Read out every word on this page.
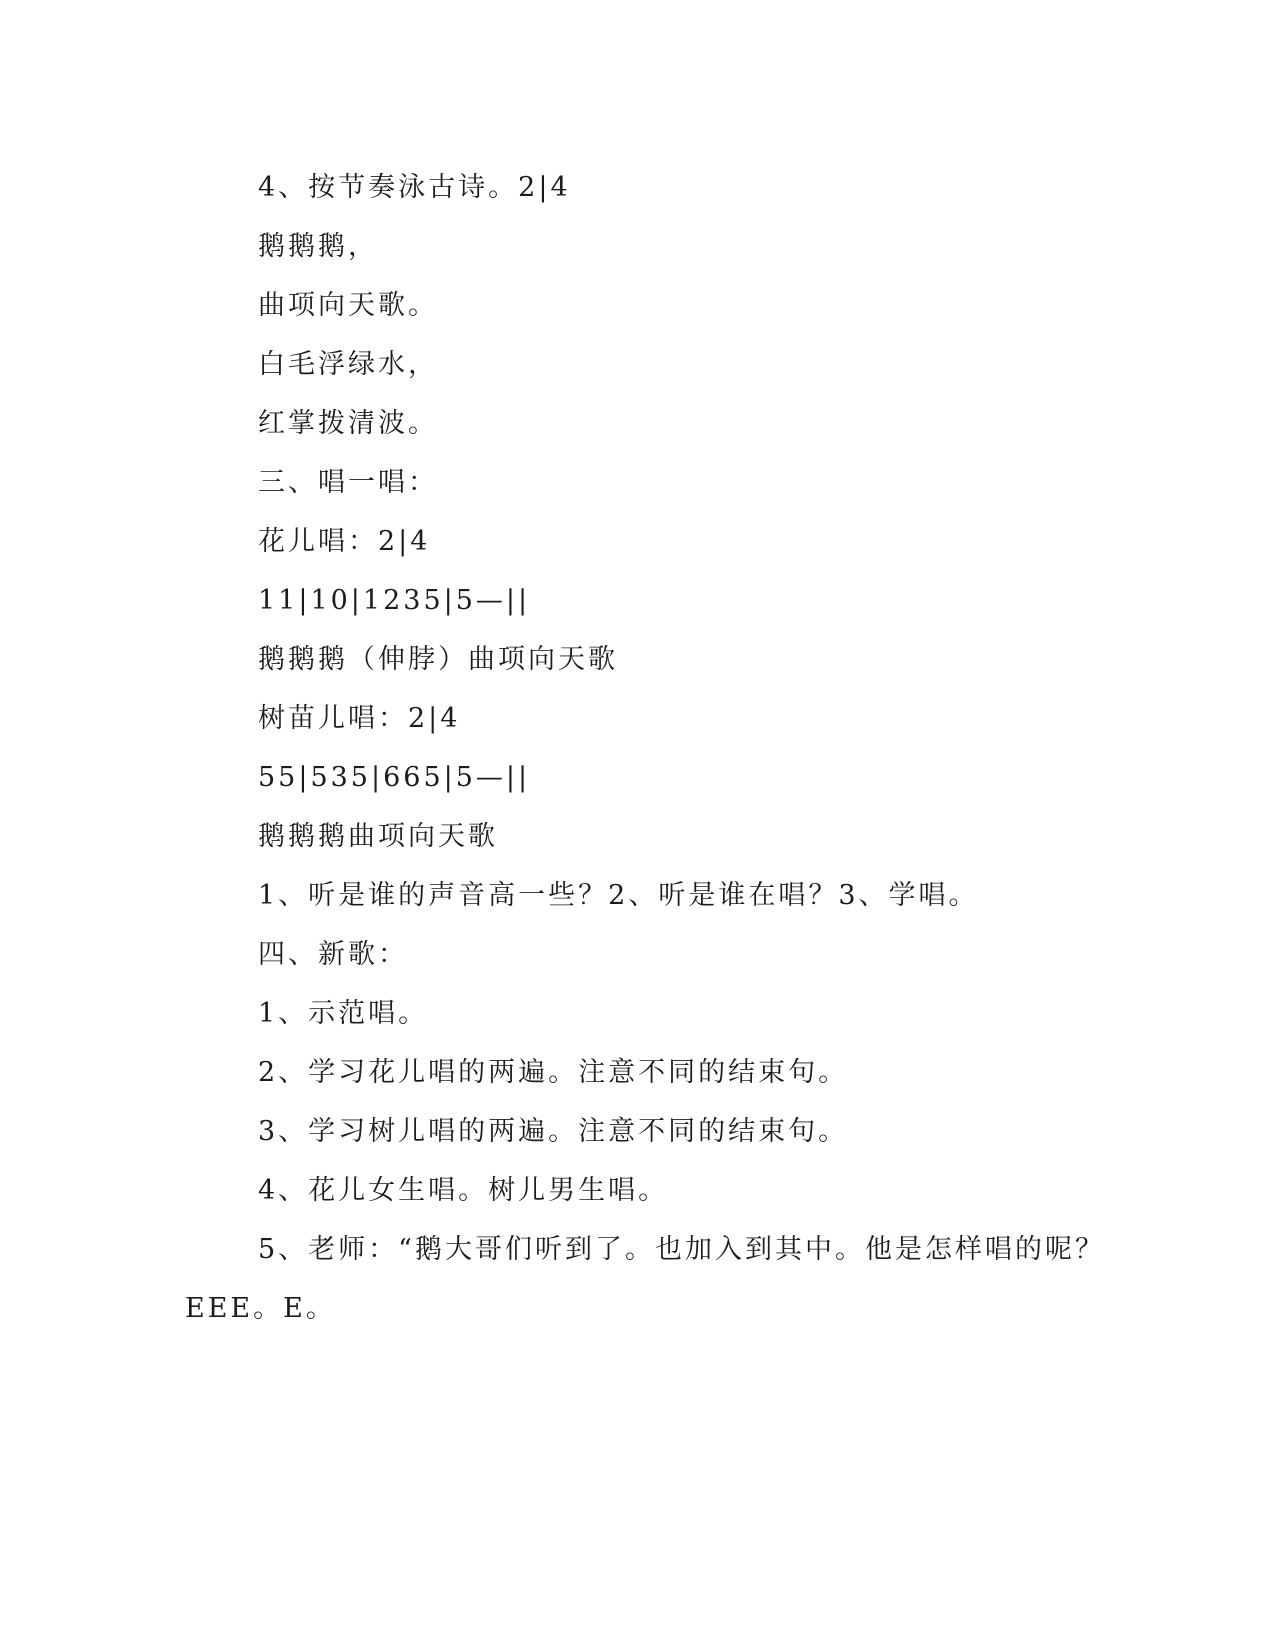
4、按节奏泳古诗。2|4

鹅鹅鹅，

曲项向天歌。

白毛浮绿水，

红掌拨清波。

三、唱一唱：

花儿唱：2|4

11|10|1235|5—||

鹅鹅鹅（伸脖）曲项向天歌

树苗儿唱：2|4

55|535|665|5—||

鹅鹅鹅曲项向天歌

1、听是谁的声音高一些？2、听是谁在唱？3、学唱。

四、新歌：

1、示范唱。

2、学习花儿唱的两遍。注意不同的结束句。

3、学习树儿唱的两遍。注意不同的结束句。

4、花儿女生唱。树儿男生唱。

5、老师：“鹅大哥们听到了。也加入到其中。他是怎样唱的呢？

EEE。E。
